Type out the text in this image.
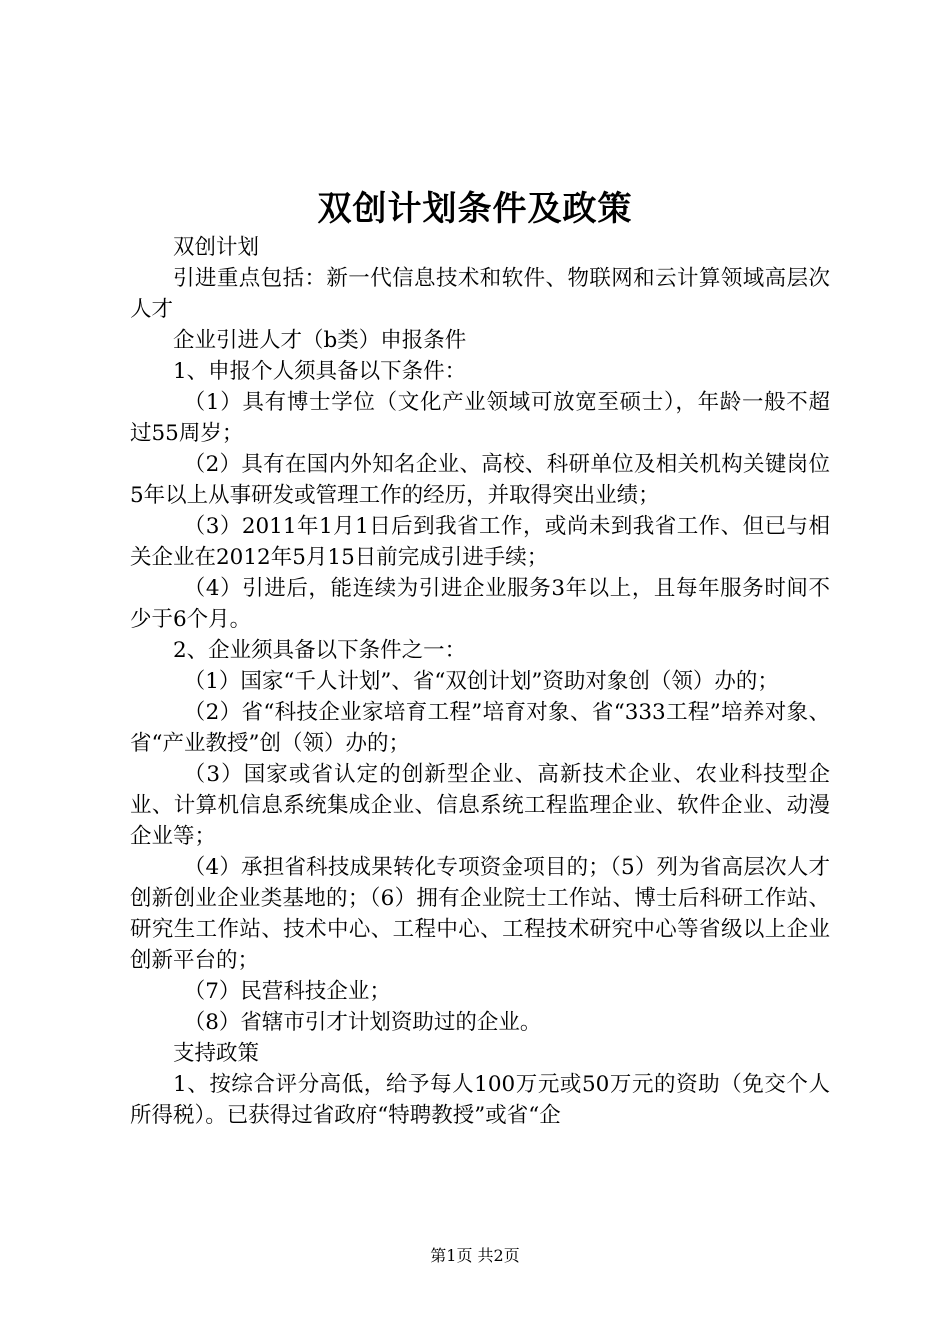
双创计划条件及政策

双创计划

引进重点包括：新一代信息技术和软件、物联网和云计算领域高层次人才

企业引进人才（b类）申报条件

1、申报个人须具备以下条件：

（1）具有博士学位（文化产业领域可放宽至硕士），年龄一般不超过55周岁；

（2）具有在国内外知名企业、高校、科研单位及相关机构关键岗位5年以上从事研发或管理工作的经历，并取得突出业绩；

（3）2011年1月1日后到我省工作，或尚未到我省工作、但已与相关企业在2012年5月15日前完成引进手续；

（4）引进后，能连续为引进企业服务3年以上，且每年服务时间不少于6个月。

2、企业须具备以下条件之一：

（1）国家“千人计划”、省“双创计划”资助对象创（领）办的；

（2）省“科技企业家培育工程”培育对象、省“333工程”培养对象、省“产业教授”创（领）办的；

（3）国家或省认定的创新型企业、高新技术企业、农业科技型企业、计算机信息系统集成企业、信息系统工程监理企业、软件企业、动漫企业等；

（4）承担省科技成果转化专项资金项目的；（5）列为省高层次人才创新创业企业类基地的；（6）拥有企业院士工作站、博士后科研工作站、研究生工作站、技术中心、工程中心、工程技术研究中心等省级以上企业创新平台的；

（7）民营科技企业；

（8）省辖市引才计划资助过的企业。

支持政策

1、按综合评分高低，给予每人100万元或50万元的资助（免交个人所得税）。已获得过省政府“特聘教授”或省“企

第1页 共2页
